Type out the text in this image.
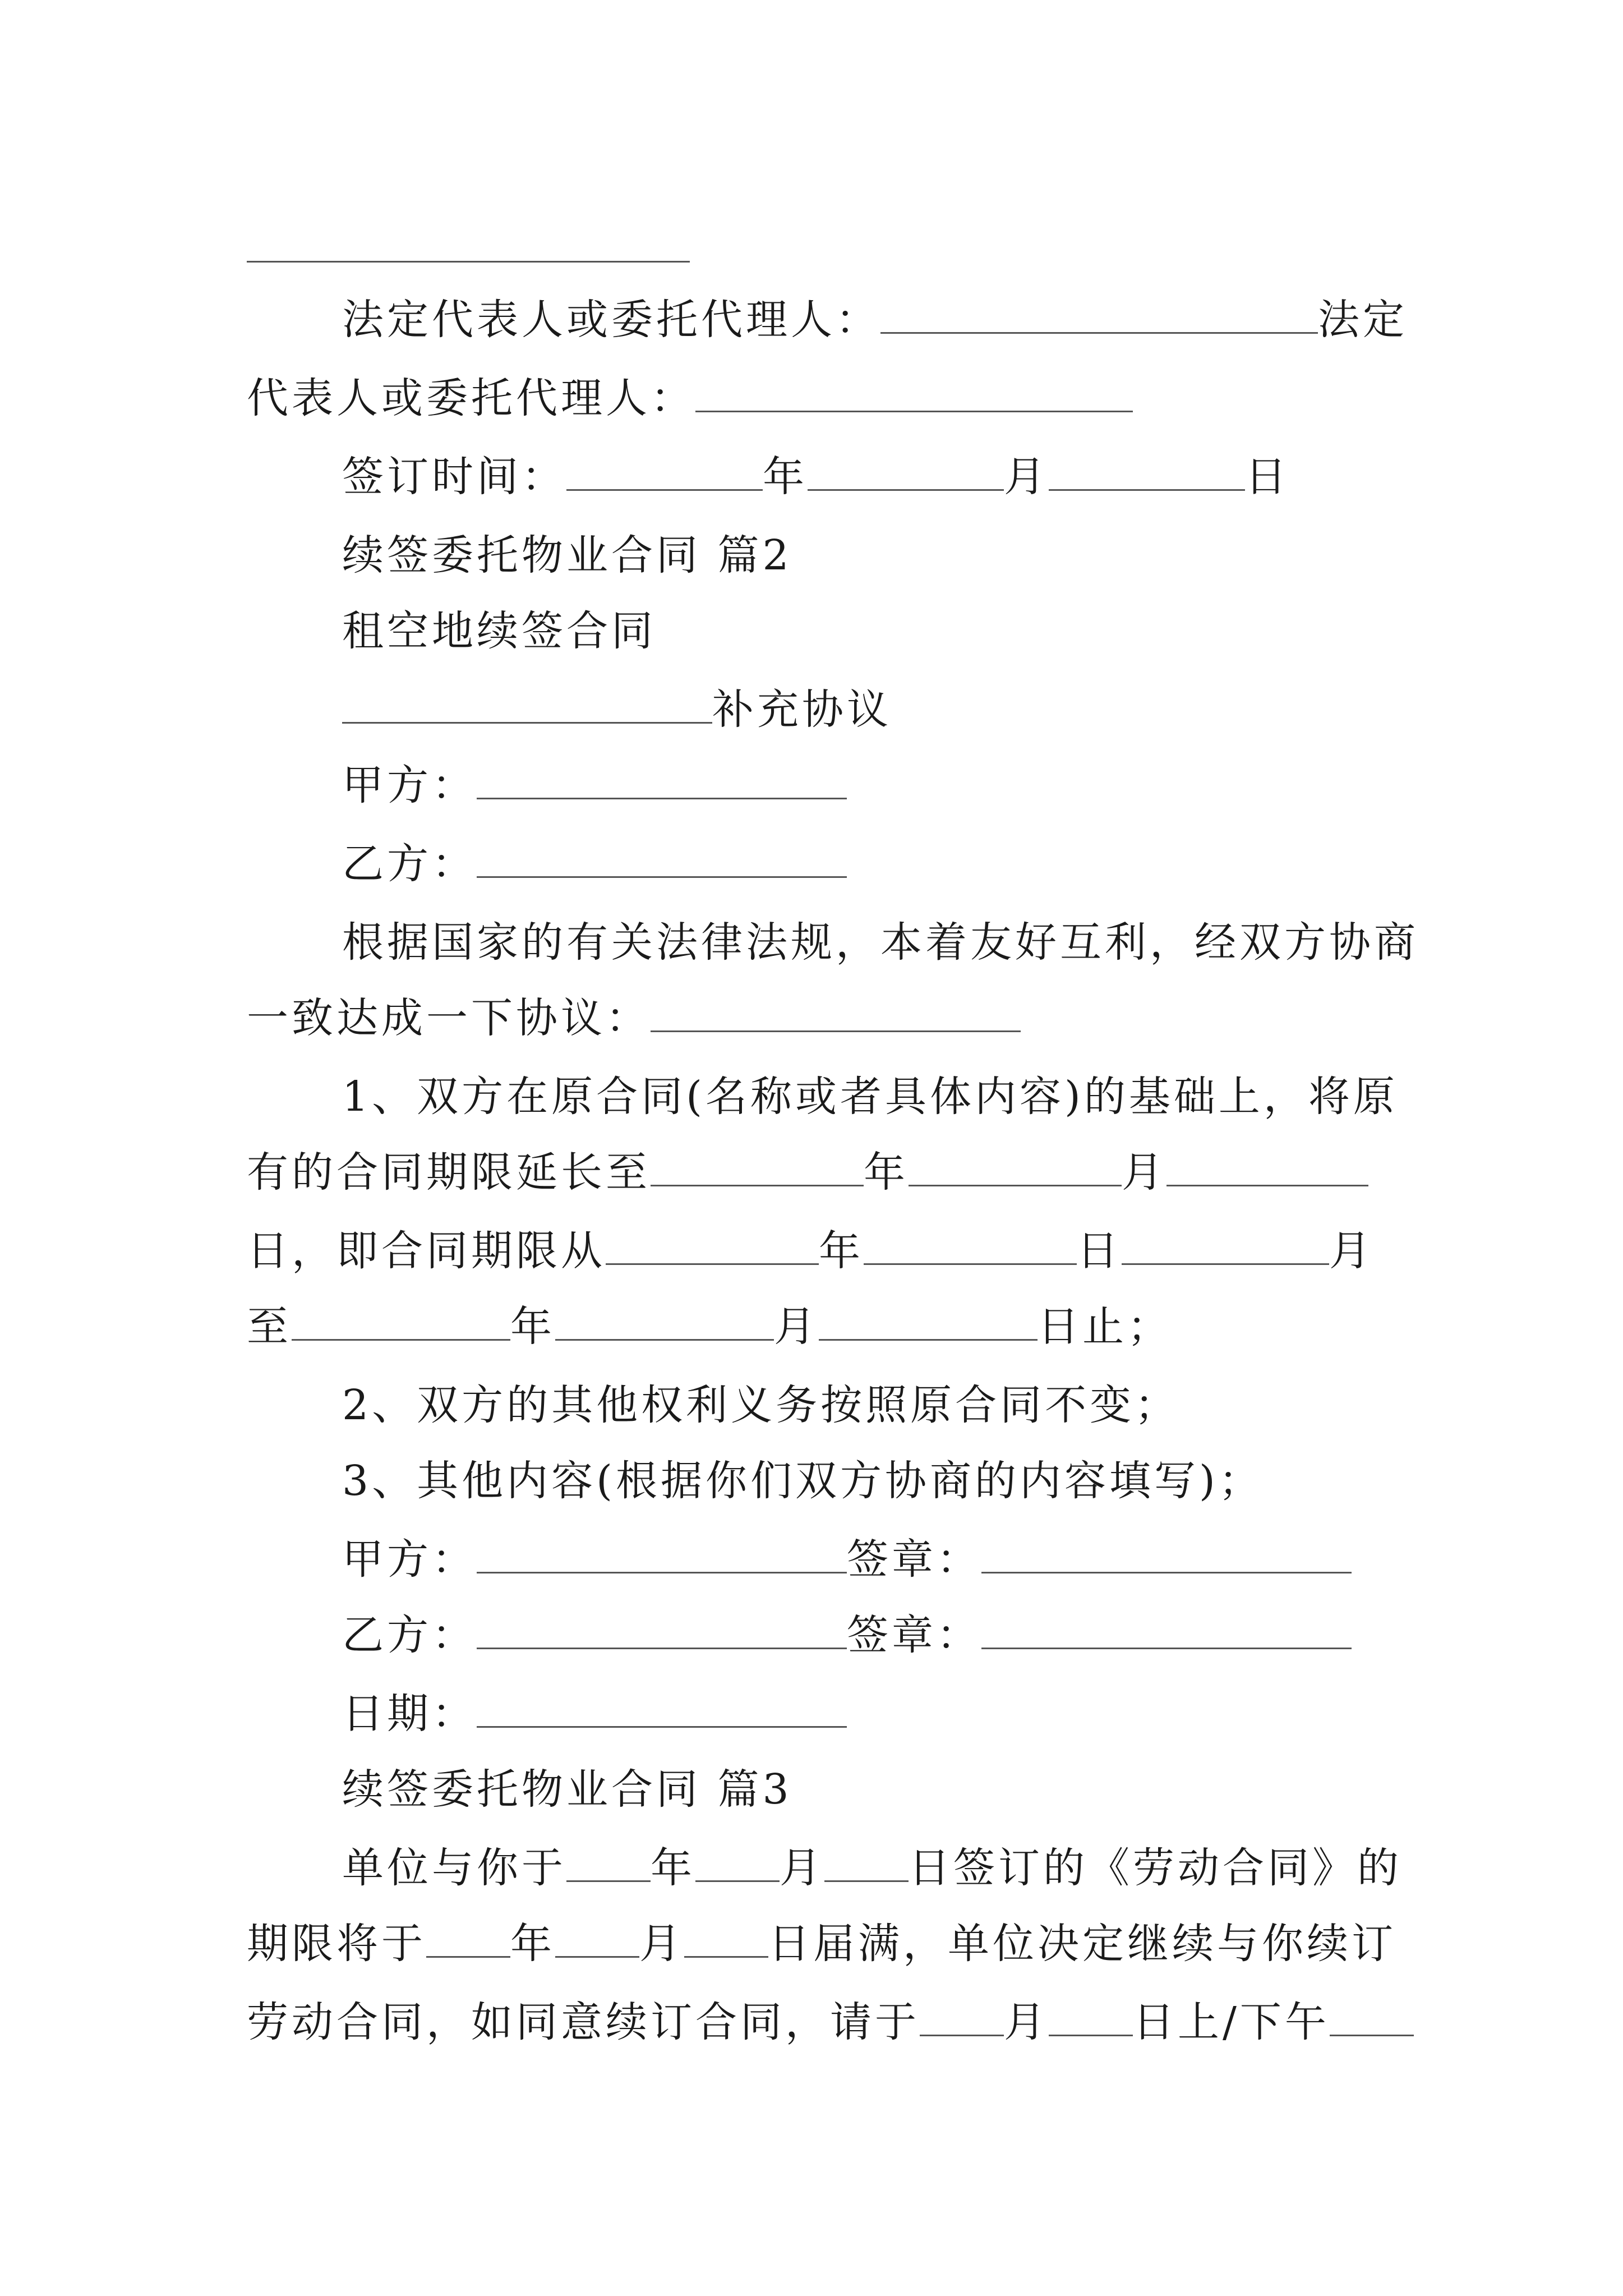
法定代表人或委托代理人：	法定
代表人或委托代理人：
签订时间：	年	月	日
续签委托物业合同 篇2
租空地续签合同
补充协议
甲方：
乙方：
根据国家的有关法律法规，本着友好互利，经双方协商
一致达成一下协议：
1、双方在原合同(名称或者具体内容)的基础上，将原
有的合同期限延长至	年	月
日，即合同期限从	年	日	月
至	年	月	日止；
2、双方的其他权利义务按照原合同不变；
3、其他内容(根据你们双方协商的内容填写)；
甲方：	签章：
乙方：	签章：
日期：
续签委托物业合同 篇3
单位与你于 年 月 日签订的《劳动合同》的
期限将于 年 月 日届满，单位决定继续与你续订
劳动合同，如同意续订合同，请于 月 日上/下午
